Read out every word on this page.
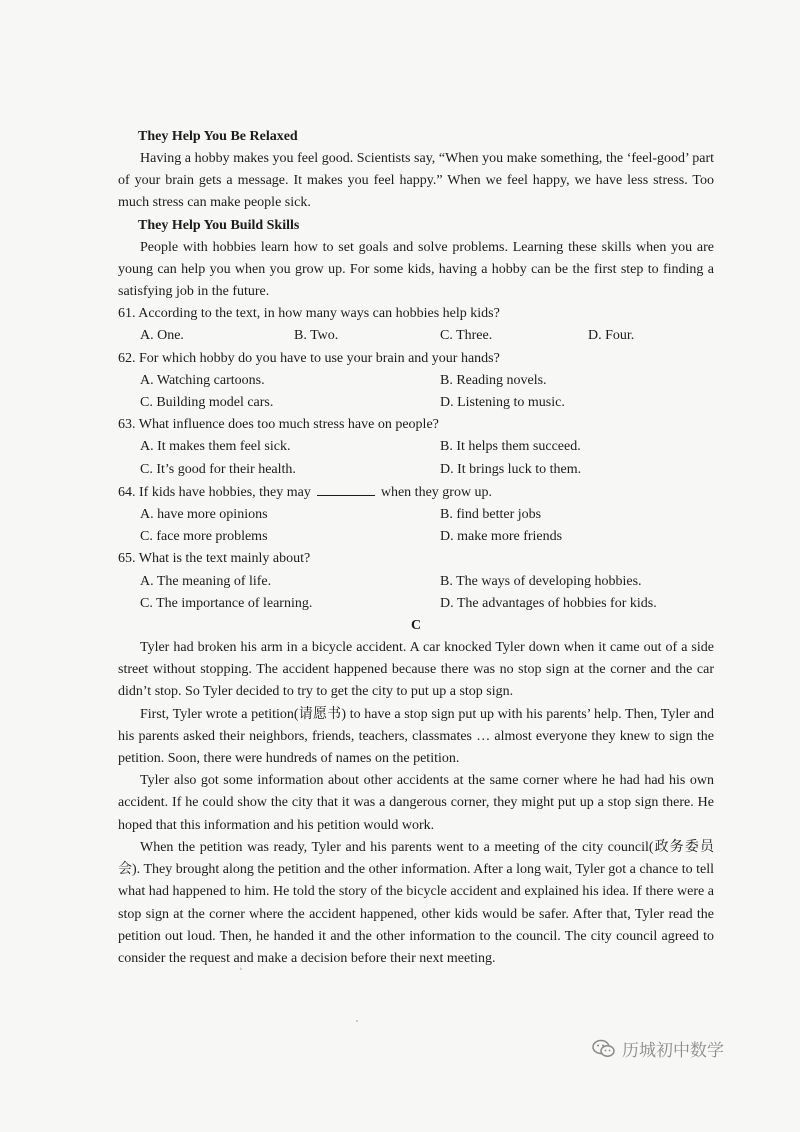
They Help You Be Relaxed
Having a hobby makes you feel good. Scientists say, “When you make something, the ‘feel-good’ part of your brain gets a message. It makes you feel happy.” When we feel happy, we have less stress. Too much stress can make people sick.
They Help You Build Skills
People with hobbies learn how to set goals and solve problems. Learning these skills when you are young can help you when you grow up. For some kids, having a hobby can be the first step to finding a satisfying job in the future.
61. According to the text, in how many ways can hobbies help kids?
A. One.	B. Two.	C. Three.	D. Four.
62. For which hobby do you have to use your brain and your hands?
A. Watching cartoons.	B. Reading novels.
C. Building model cars.	D. Listening to music.
63. What influence does too much stress have on people?
A. It makes them feel sick.	B. It helps them succeed.
C. It’s good for their health.	D. It brings luck to them.
64. If kids have hobbies, they may	when they grow up.
A. have more opinions	B. find better jobs
C. face more problems	D. make more friends
65. What is the text mainly about?
A. The meaning of life.	B. The ways of developing hobbies.
C. The importance of learning.	D. The advantages of hobbies for kids.
C
Tyler had broken his arm in a bicycle accident. A car knocked Tyler down when it came out of a side street without stopping. The accident happened because there was no stop sign at the corner and the car didn’t stop. So Tyler decided to try to get the city to put up a stop sign.
First, Tyler wrote a petition(请愿书) to have a stop sign put up with his parents’ help. Then, Tyler and his parents asked their neighbors, friends, teachers, classmates … almost everyone they knew to sign the petition. Soon, there were hundreds of names on the petition.
Tyler also got some information about other accidents at the same corner where he had had his own accident. If he could show the city that it was a dangerous corner, they might put up a stop sign there. He hoped that this information and his petition would work.
When the petition was ready, Tyler and his parents went to a meeting of the city council(政务委员会). They brought along the petition and the other information. After a long wait, Tyler got a chance to tell what had happened to him. He told the story of the bicycle accident and explained his idea. If there were a stop sign at the corner where the accident happened, other kids would be safer. After that, Tyler read the petition out loud. Then, he handed it and the other information to the council. The city council agreed to consider the request and make a decision before their next meeting.
历城初中数学
